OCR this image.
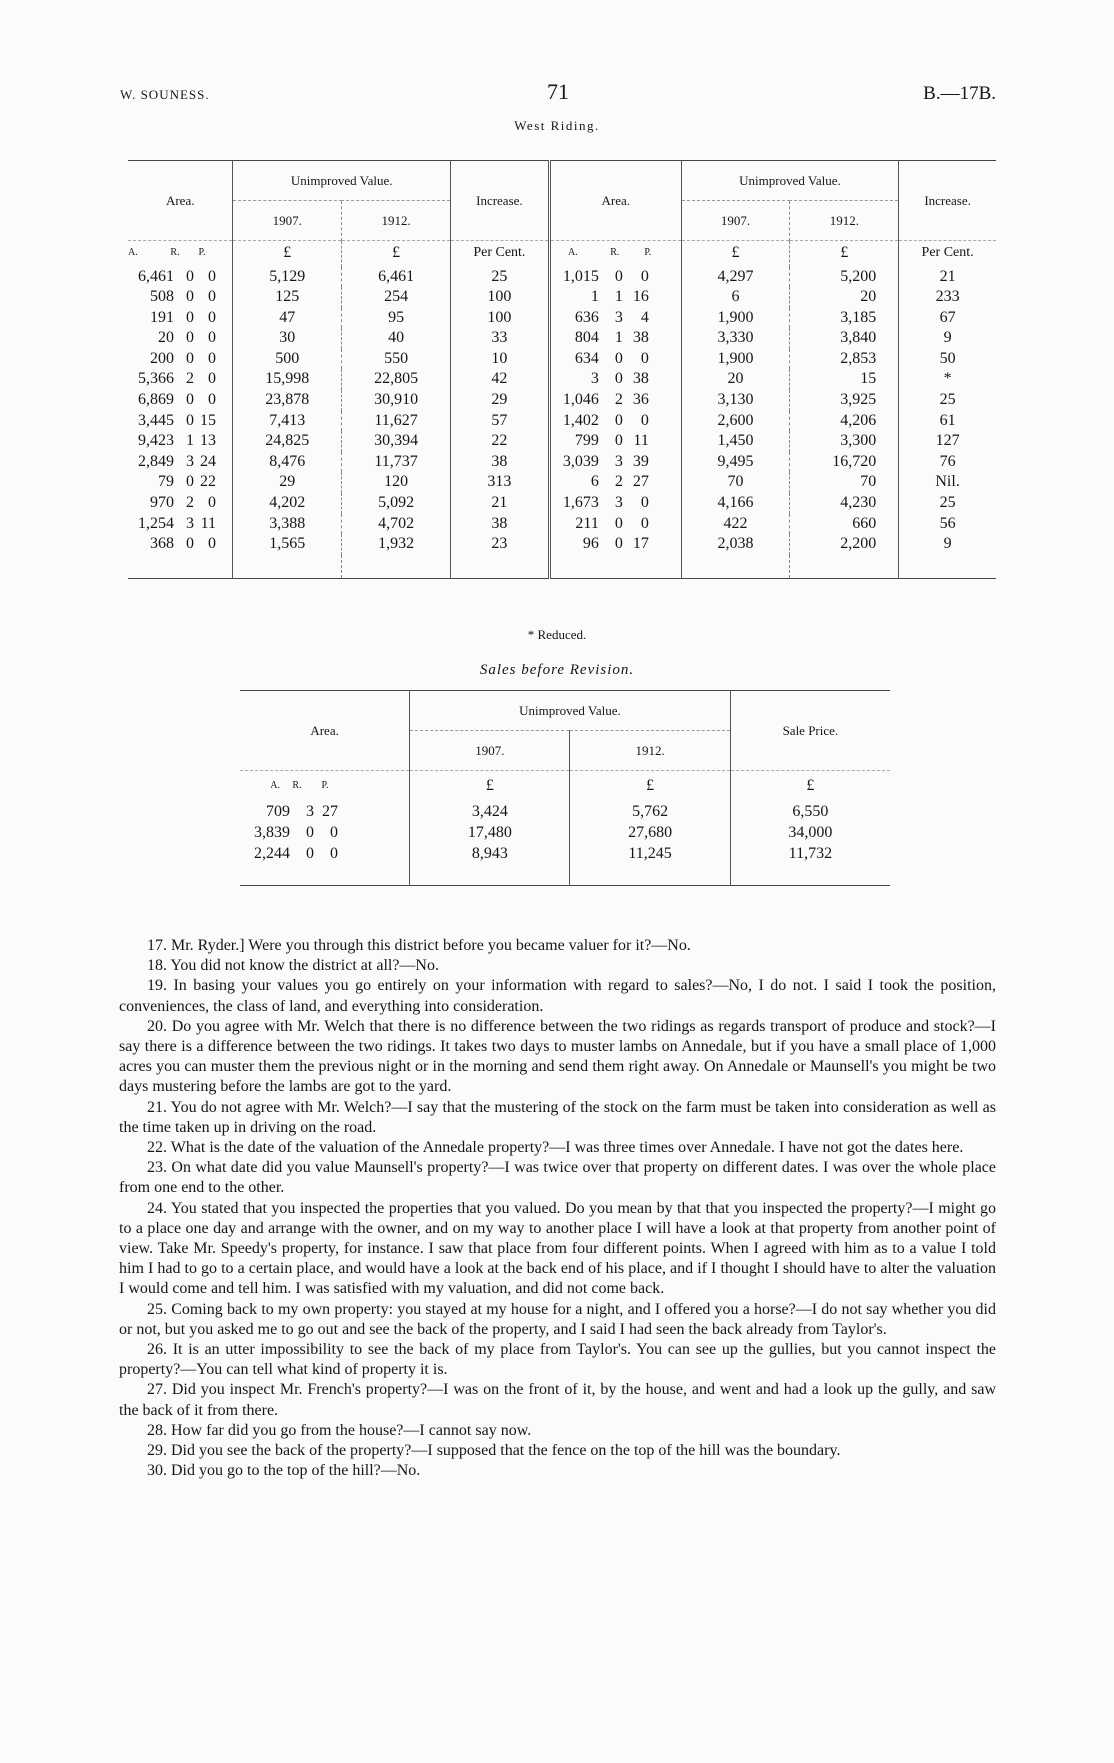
W. SOUNESS.	71	B.—17B.
West Riding.
Area.	Unimproved Value.		Increase.	Area.	Unimproved Value.		Increase.
	1907.	1912.			1907.	1912.	
A. R. P.	£	£	Per Cent.	A. R. P.	£	£	Per Cent.
6,461 0 0	5,129	6,461	25	1,015 0 0	4,297	5,200	21
508 0 0	125	254	100	1 1 16	6	20	233
191 0 0	47	95	100	636 3 4	1,900	3,185	67
20 0 0	30	40	33	804 1 38	3,330	3,840	9
200 0 0	500	550	10	634 0 0	1,900	2,853	50
5,366 2 0	15,998	22,805	42	3 0 38	20	15	*
6,869 0 0	23,878	30,910	29	1,046 2 36	3,130	3,925	25
3,445 0 15	7,413	11,627	57	1,402 0 0	2,600	4,206	61
9,423 1 13	24,825	30,394	22	799 0 11	1,450	3,300	127
2,849 3 24	8,476	11,737	38	3,039 3 39	9,495	16,720	76
79 0 22	29	120	313	6 2 27	70	70	Nil.
970 2 0	4,202	5,092	21	1,673 3 0	4,166	4,230	25
1,254 3 11	3,388	4,702	38	211 0 0	422	660	56
368 0 0	1,565	1,932	23	96 0 17	2,038	2,200	9

* Reduced.
Sales before Revision.
Area.	Unimproved Value.		Sale Price.
	1907.	1912.	
A. R. P.	£	£	£
709 3 27	3,424	5,762	6,550
3,839 0 0	17,480	27,680	34,000
2,244 0 0	8,943	11,245	11,732

17. Mr. Ryder.] Were you through this district before you became valuer for it?—No.

18. You did not know the district at all?—No.

19. In basing your values you go entirely on your information with regard to sales?—No, I do not. I said I took the position, conveniences, the class of land, and everything into consideration.

20. Do you agree with Mr. Welch that there is no difference between the two ridings as regards transport of produce and stock?—I say there is a difference between the two ridings. It takes two days to muster lambs on Annedale, but if you have a small place of 1,000 acres you can muster them the previous night or in the morning and send them right away. On Annedale or Maunsell's you might be two days mustering before the lambs are got to the yard.

21. You do not agree with Mr. Welch?—I say that the mustering of the stock on the farm must be taken into consideration as well as the time taken up in driving on the road.

22. What is the date of the valuation of the Annedale property?—I was three times over Annedale. I have not got the dates here.

23. On what date did you value Maunsell's property?—I was twice over that property on different dates. I was over the whole place from one end to the other.

24. You stated that you inspected the properties that you valued. Do you mean by that that you inspected the property?—I might go to a place one day and arrange with the owner, and on my way to another place I will have a look at that property from another point of view. Take Mr. Speedy's property, for instance. I saw that place from four different points. When I agreed with him as to a value I told him I had to go to a certain place, and would have a look at the back end of his place, and if I thought I should have to alter the valuation I would come and tell him. I was satisfied with my valuation, and did not come back.

25. Coming back to my own property: you stayed at my house for a night, and I offered you a horse?—I do not say whether you did or not, but you asked me to go out and see the back of the property, and I said I had seen the back already from Taylor's.

26. It is an utter impossibility to see the back of my place from Taylor's. You can see up the gullies, but you cannot inspect the property?—You can tell what kind of property it is.

27. Did you inspect Mr. French's property?—I was on the front of it, by the house, and went and had a look up the gully, and saw the back of it from there.

28. How far did you go from the house?—I cannot say now.

29. Did you see the back of the property?—I supposed that the fence on the top of the hill was the boundary.

30. Did you go to the top of the hill?—No.
